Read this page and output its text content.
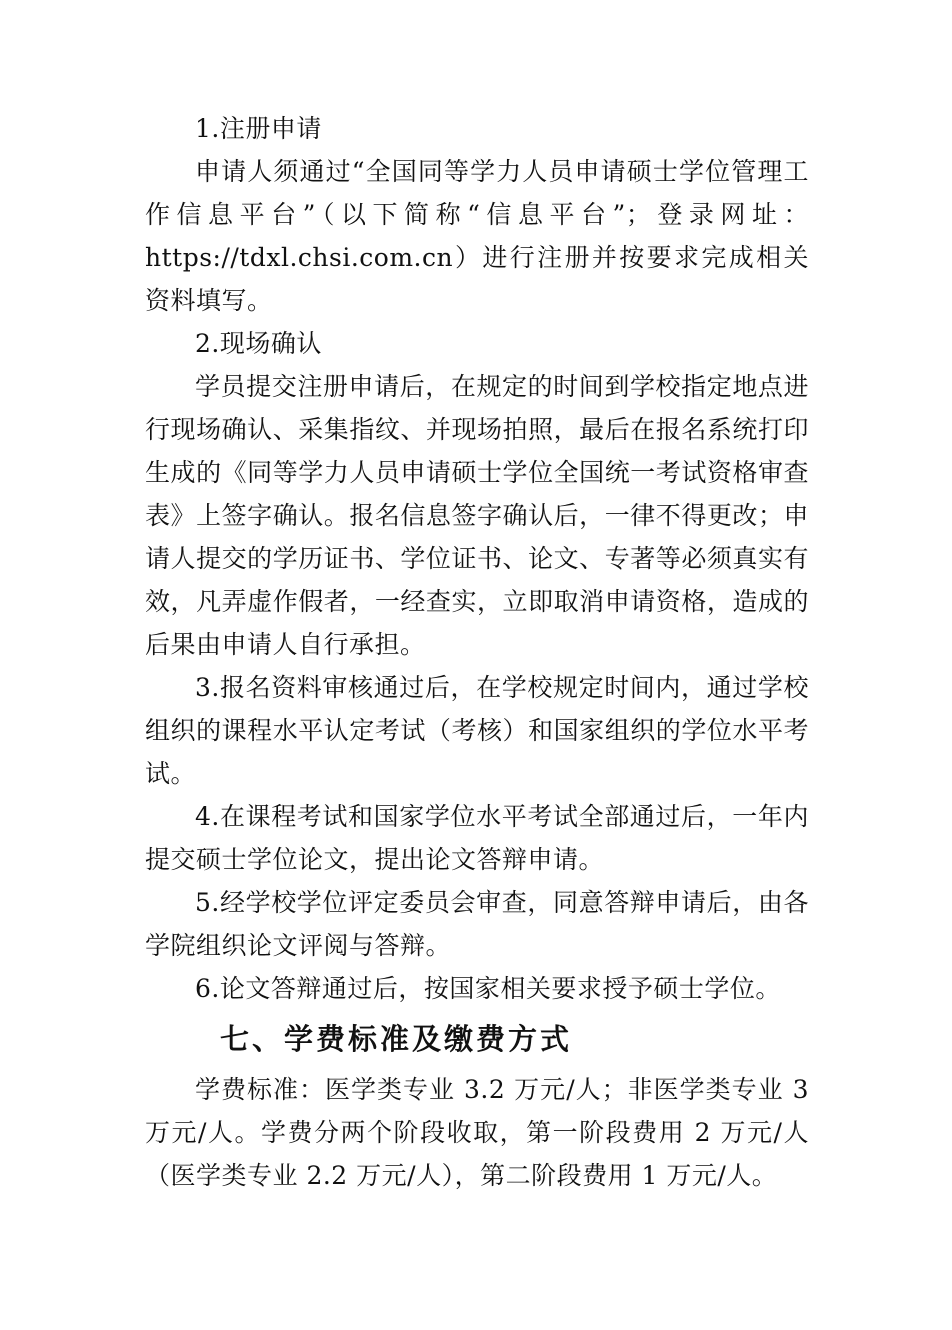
1.注册申请

申请人须通过“全国同等学力人员申请硕士学位管理工作信息平台”（以下简称“信息平台”；登录网址：https://tdxl.chsi.com.cn）进行注册并按要求完成相关资料填写。

2.现场确认

学员提交注册申请后，在规定的时间到学校指定地点进行现场确认、采集指纹、并现场拍照，最后在报名系统打印生成的《同等学力人员申请硕士学位全国统一考试资格审查表》上签字确认。报名信息签字确认后，一律不得更改；申请人提交的学历证书、学位证书、论文、专著等必须真实有效，凡弄虚作假者，一经查实，立即取消申请资格，造成的后果由申请人自行承担。

3.报名资料审核通过后，在学校规定时间内，通过学校组织的课程水平认定考试（考核）和国家组织的学位水平考试。

4.在课程考试和国家学位水平考试全部通过后，一年内提交硕士学位论文，提出论文答辩申请。

5.经学校学位评定委员会审查，同意答辩申请后，由各学院组织论文评阅与答辩。

6.论文答辩通过后，按国家相关要求授予硕士学位。

七、学费标准及缴费方式

学费标准：医学类专业 3.2 万元/人；非医学类专业 3 万元/人。学费分两个阶段收取，第一阶段费用 2 万元/人（医学类专业 2.2 万元/人），第二阶段费用 1 万元/人。
